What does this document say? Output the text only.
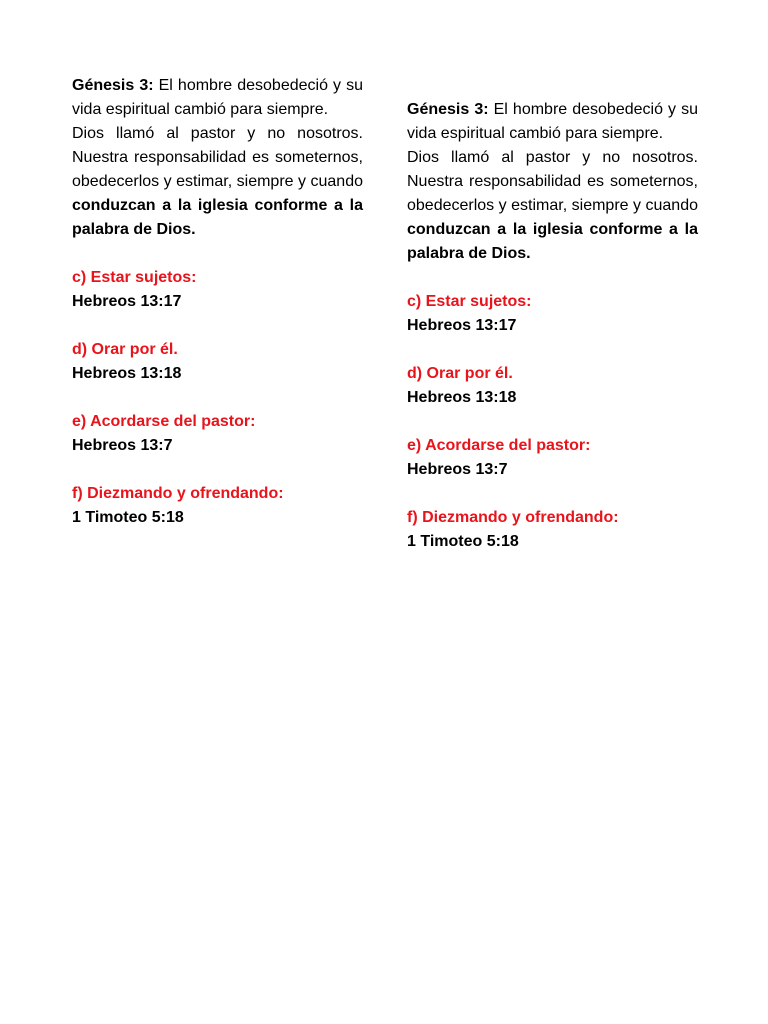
Génesis 3: El hombre desobedeció y su vida espiritual cambió para siempre.

Dios llamó al pastor y no nosotros. Nuestra responsabilidad es someternos, obedecerlos y estimar, siempre y cuando conduzcan a la iglesia conforme a la palabra de Dios.

c) Estar sujetos:

Hebreos 13:17

d) Orar por él.

Hebreos 13:18

e) Acordarse del pastor:

Hebreos 13:7

f) Diezmando y ofrendando:

1 Timoteo 5:18

Génesis 3: El hombre desobedeció y su vida espiritual cambió para siempre.

Dios llamó al pastor y no nosotros. Nuestra responsabilidad es someternos, obedecerlos y estimar, siempre y cuando conduzcan a la iglesia conforme a la palabra de Dios.

c) Estar sujetos:

Hebreos 13:17

d) Orar por él.

Hebreos 13:18

e) Acordarse del pastor:

Hebreos 13:7

f) Diezmando y ofrendando:

1 Timoteo 5:18
